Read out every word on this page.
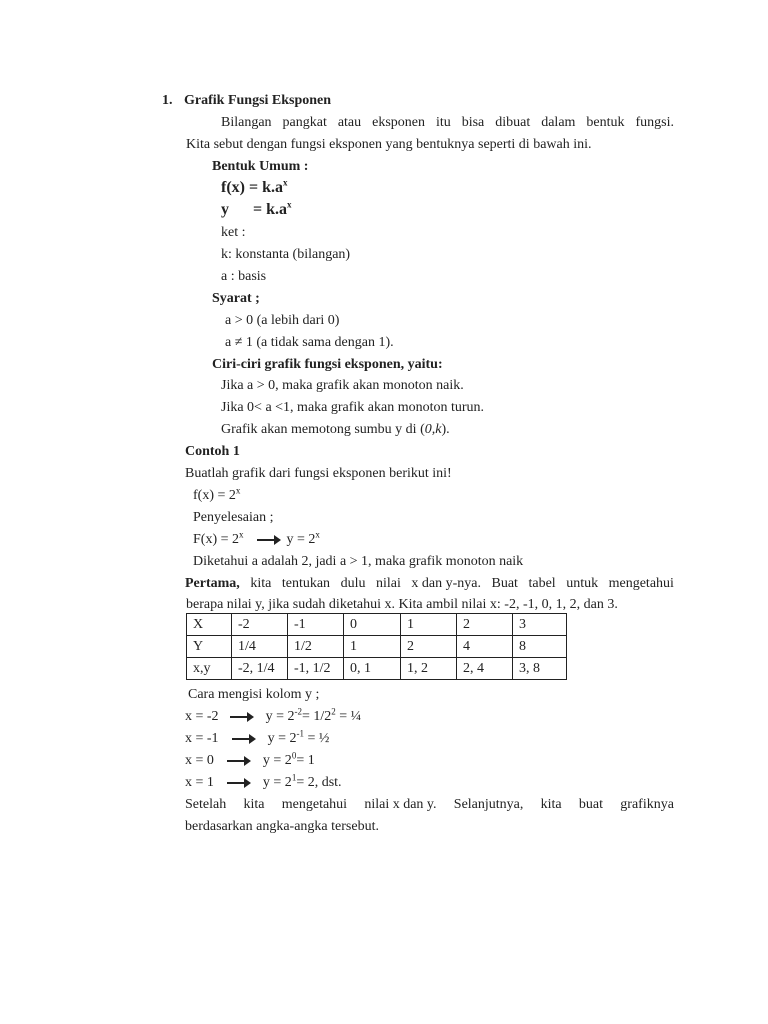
1. Grafik Fungsi Eksponen
Bilangan pangkat atau eksponen itu bisa dibuat dalam bentuk fungsi.
Kita sebut dengan fungsi eksponen yang bentuknya seperti di bawah ini.
Bentuk Umum :
$f(x) = k.a^x$
$y = k.a^x$
ket :
k: konstanta (bilangan)
a : basis
Syarat ;
a > 0 (a lebih dari 0)
a ≠ 1 (a tidak sama dengan 1).
Ciri-ciri grafik fungsi eksponen, yaitu:
Jika a > 0, maka grafik akan monoton naik.
Jika 0< a <1, maka grafik akan monoton turun.
Grafik akan memotong sumbu y di (0,k).
Contoh 1
Buatlah grafik dari fungsi eksponen berikut ini!
$f(x) = 2^x$
Penyelesaian ;
$F(x) = 2^x$	$y = 2^x$
Diketahui a adalah 2, jadi a > 1, maka grafik monoton naik
Pertama, kita tentukan dulu nilai x dan y-nya. Buat tabel untuk mengetahui
berapa nilai y, jika sudah diketahui x. Kita ambil nilai x: -2, -1, 0, 1, 2, dan 3.
X	-2	-1	0	1	2	3
Y	1/4	1/2	1	2	4	8
x,y	-2, 1/4	-1, 1/2	0, 1	1, 2	2, 4	3, 8
Cara mengisi kolom y ;
x = -2	$y = 2^{-2}= 1/2^2$ = ¼
x = -1	$y = 2^{-1}$ = ½
x = 0	$y = 2^0= 1$
x = 1	$y = 2^1= 2$, dst.
Setelah kita mengetahui nilai x dan y. Selanjutnya, kita buat grafiknya
berdasarkan angka-angka tersebut.
